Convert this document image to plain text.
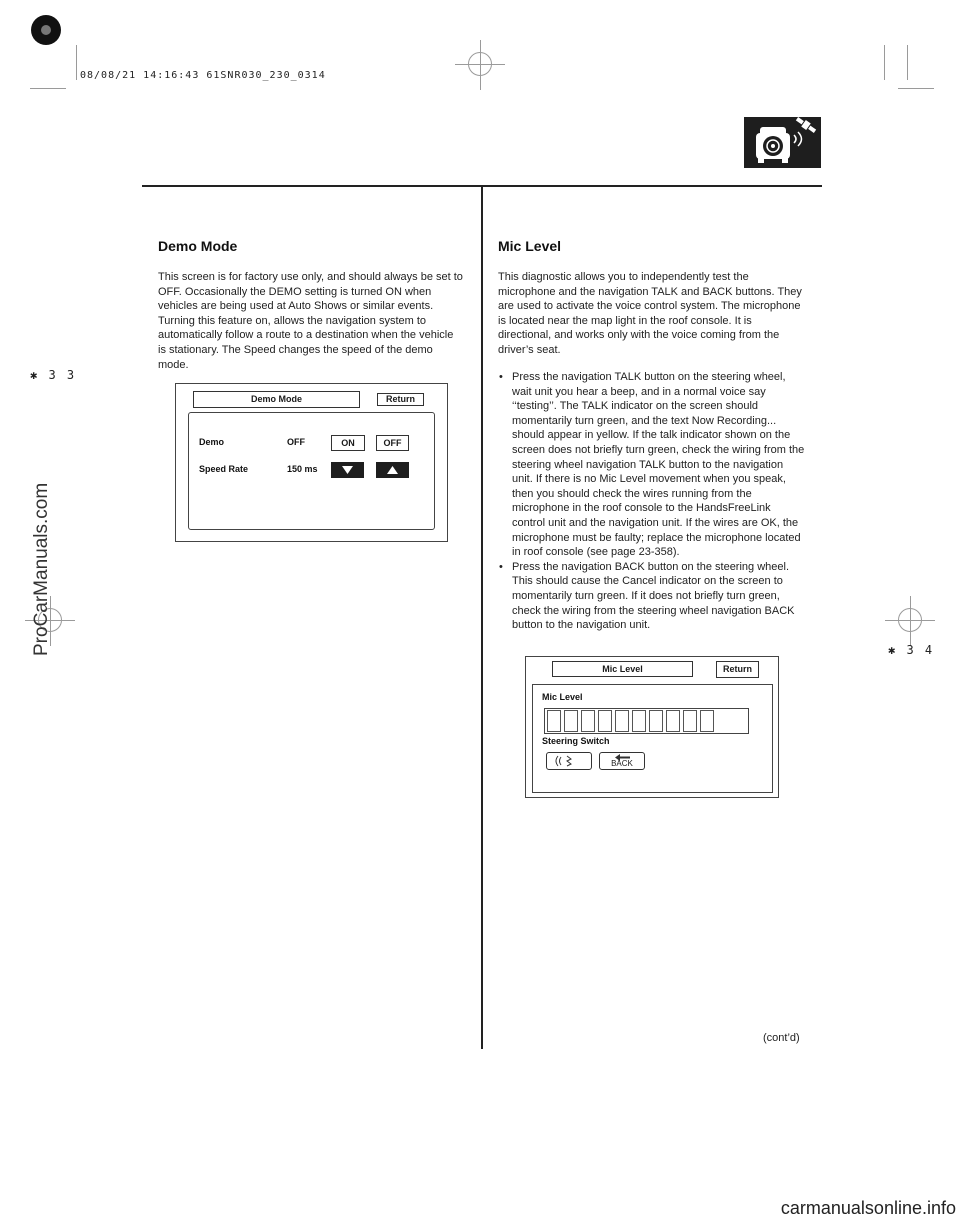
08/08/21 14:16:43 61SNR030_230_0314
✱ 3 3
✱ 3 4
Demo Mode

This screen is for factory use only, and should always be set to OFF. Occasionally the DEMO setting is turned ON when vehicles are being used at Auto Shows or similar events. Turning this feature on, allows the navigation system to automatically follow a route to a destination when the vehicle is stationary. The Speed changes the speed of the demo mode.

Demo Mode	Return
Demo	OFF	ON	OFF
Speed Rate	150 ms
Mic Level

This diagnostic allows you to independently test the microphone and the navigation TALK and BACK buttons. They are used to activate the voice control system. The microphone is located near the map light in the roof console. It is directional, and works only with the voice coming from the driver’s seat.

• Press the navigation TALK button on the steering wheel, wait unit you hear a beep, and in a normal voice say ‘‘testing’’. The TALK indicator on the screen should momentarily turn green, and the text Now Recording... should appear in yellow. If the talk indicator shown on the screen does not briefly turn green, check the wiring from the steering wheel navigation TALK button to the navigation unit. If there is no Mic Level movement when you speak, then you should check the wires running from the microphone in the roof console to the HandsFreeLink control unit and the navigation unit. If the wires are OK, the microphone must be faulty; replace the microphone located in roof console (see page 23-358).
• Press the navigation BACK button on the steering wheel. This should cause the Cancel indicator on the screen to momentarily turn green. If it does not briefly turn green, check the wiring from the steering wheel navigation BACK button to the navigation unit.
Mic Level	Return
Mic Level
Steering Switch
BACK
(cont’d)
ProCarManuals.com
carmanualsonline.info
